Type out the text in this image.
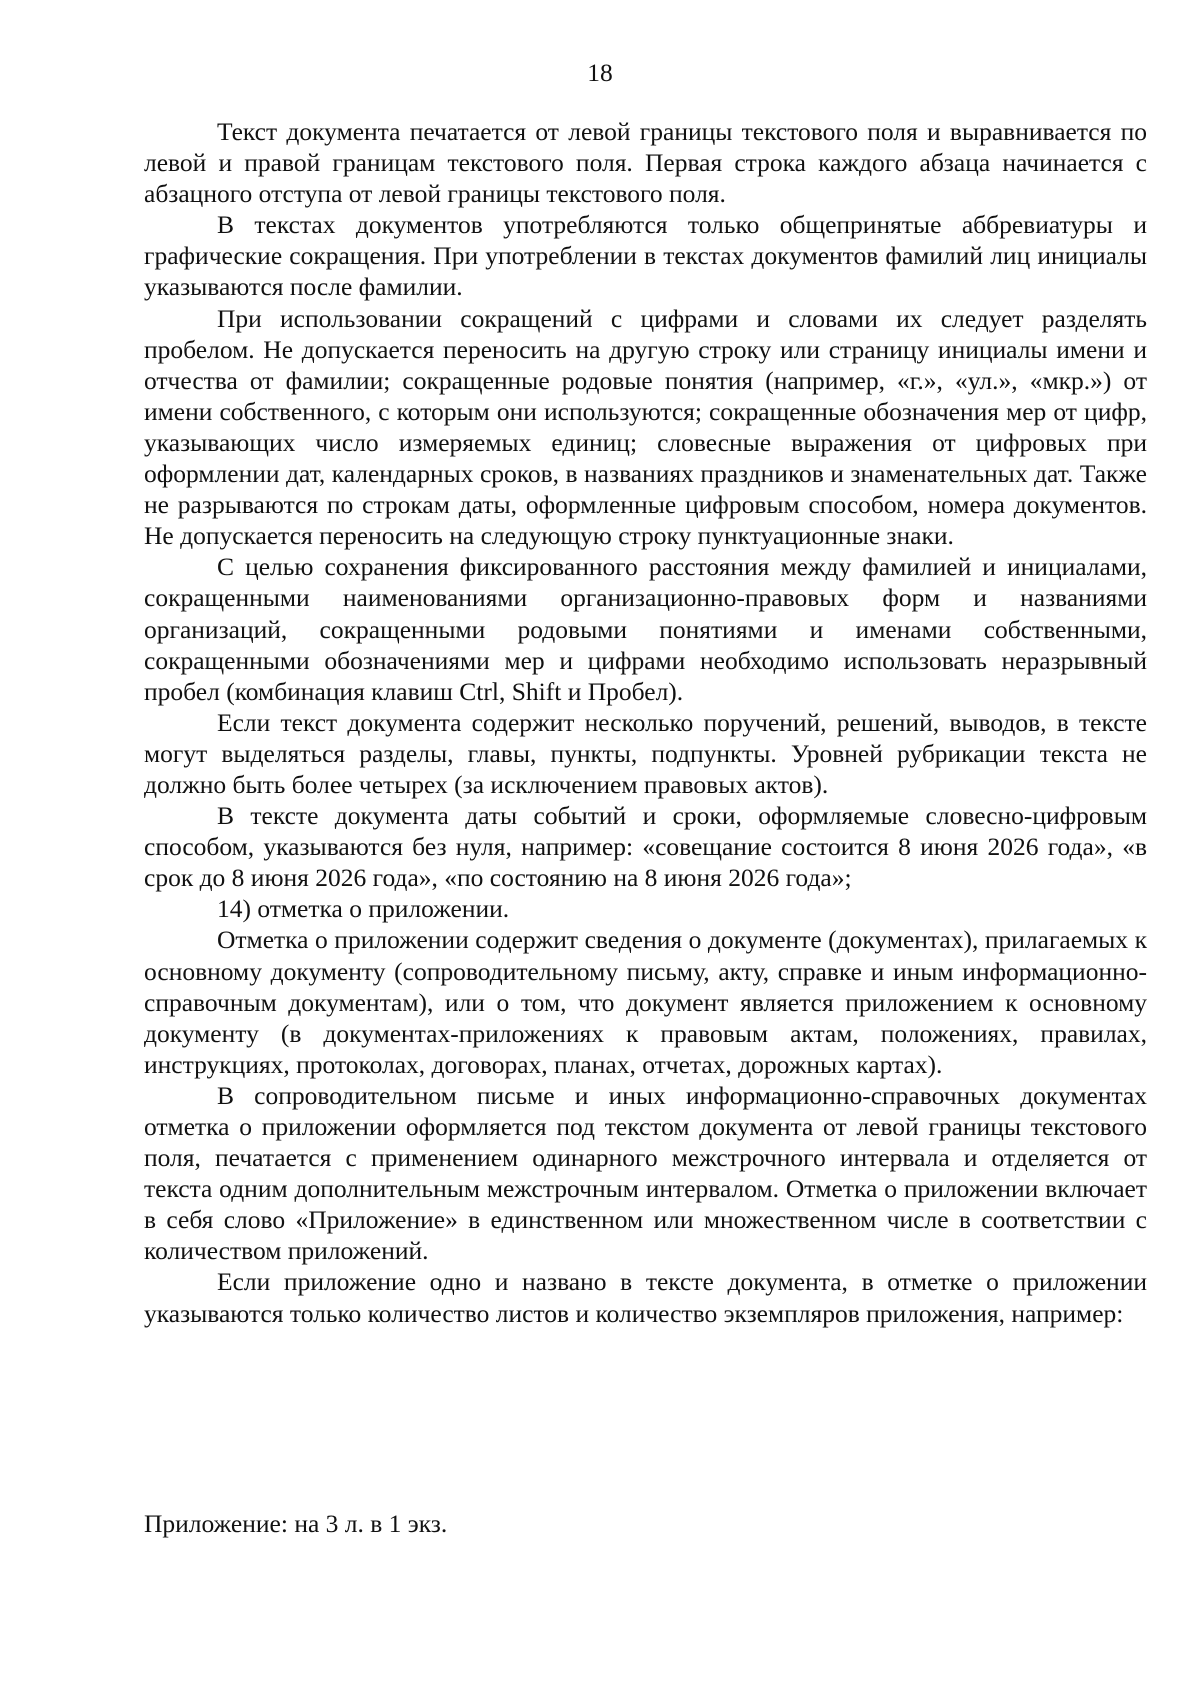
18

Текст документа печатается от левой границы текстового поля и выравнивается по левой и правой границам текстового поля. Первая строка каждого абзаца начинается с абзацного отступа от левой границы текстового поля.

В текстах документов употребляются только общепринятые аббревиатуры и графические сокращения. При употреблении в текстах документов фамилий лиц инициалы указываются после фамилии.

При использовании сокращений с цифрами и словами их следует разделять пробелом. Не допускается переносить на другую строку или страницу инициалы имени и отчества от фамилии; сокращенные родовые понятия (например, «г.», «ул.», «мкр.») от имени собственного, с которым они используются; сокращенные обозначения мер от цифр, указывающих число измеряемых единиц; словесные выражения от цифровых при оформлении дат, календарных сроков, в названиях праздников и знаменательных дат. Также не разрываются по строкам даты, оформленные цифровым способом, номера документов. Не допускается переносить на следующую строку пунктуационные знаки.

С целью сохранения фиксированного расстояния между фамилией и инициалами, сокращенными наименованиями организационно-правовых форм и названиями организаций, сокращенными родовыми понятиями и именами собственными, сокращенными обозначениями мер и цифрами необходимо использовать неразрывный пробел (комбинация клавиш Ctrl, Shift и Пробел).

Если текст документа содержит несколько поручений, решений, выводов, в тексте могут выделяться разделы, главы, пункты, подпункты. Уровней рубрикации текста не должно быть более четырех (за исключением правовых актов).

В тексте документа даты событий и сроки, оформляемые словесно-цифровым способом, указываются без нуля, например: «совещание состоится 8 июня 2026 года», «в срок до 8 июня 2026 года», «по состоянию на 8 июня 2026 года»;

14) отметка о приложении.

Отметка о приложении содержит сведения о документе (документах), прилагаемых к основному документу (сопроводительному письму, акту, справке и иным информационно-справочным документам), или о том, что документ является приложением к основному документу (в документах-приложениях к правовым актам, положениях, правилах, инструкциях, протоколах, договорах, планах, отчетах, дорожных картах).

В сопроводительном письме и иных информационно-справочных документах отметка о приложении оформляется под текстом документа от левой границы текстового поля, печатается с применением одинарного межстрочного интервала и отделяется от текста одним дополнительным межстрочным интервалом. Отметка о приложении включает в себя слово «Приложение» в единственном или множественном числе в соответствии с количеством приложений.

Если приложение одно и названо в тексте документа, в отметке о приложении указываются только количество листов и количество экземпляров приложения, например:

Приложение: на 3 л. в 1 экз.
